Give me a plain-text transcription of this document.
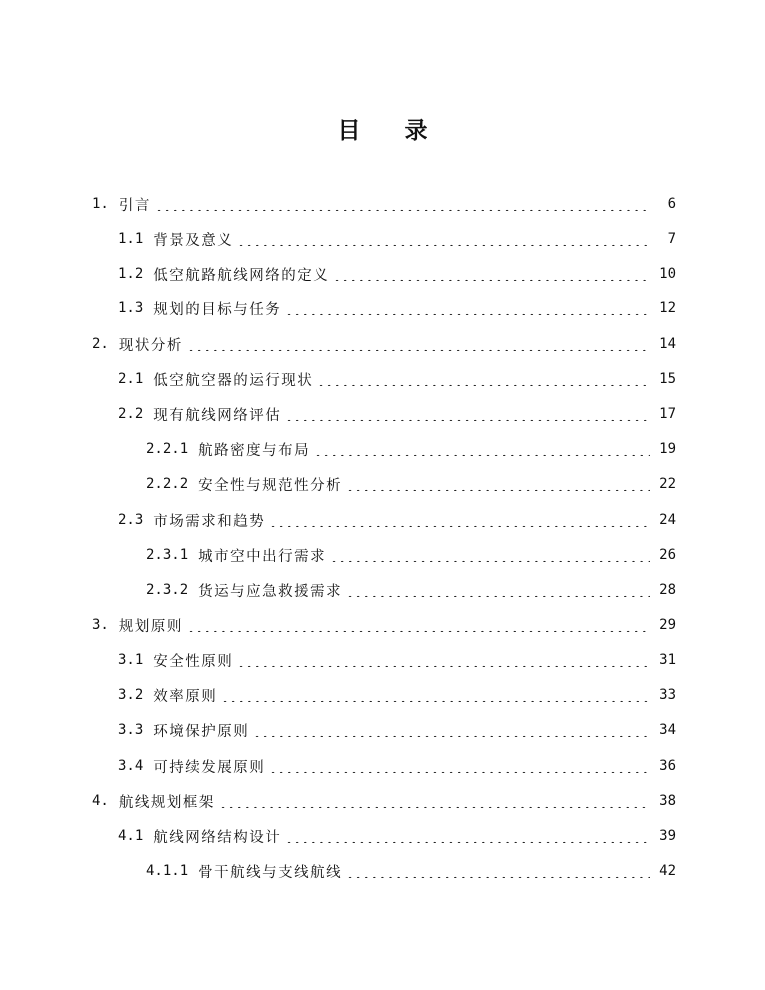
目 录
1. 引言	6
1.1 背景及意义	7
1.2 低空航路航线网络的定义	10
1.3 规划的目标与任务	12
2. 现状分析	14
2.1 低空航空器的运行现状	15
2.2 现有航线网络评估	17
2.2.1 航路密度与布局	19
2.2.2 安全性与规范性分析	22
2.3 市场需求和趋势	24
2.3.1 城市空中出行需求	26
2.3.2 货运与应急救援需求	28
3. 规划原则	29
3.1 安全性原则	31
3.2 效率原则	33
3.3 环境保护原则	34
3.4 可持续发展原则	36
4. 航线规划框架	38
4.1 航线网络结构设计	39
4.1.1 骨干航线与支线航线	42
